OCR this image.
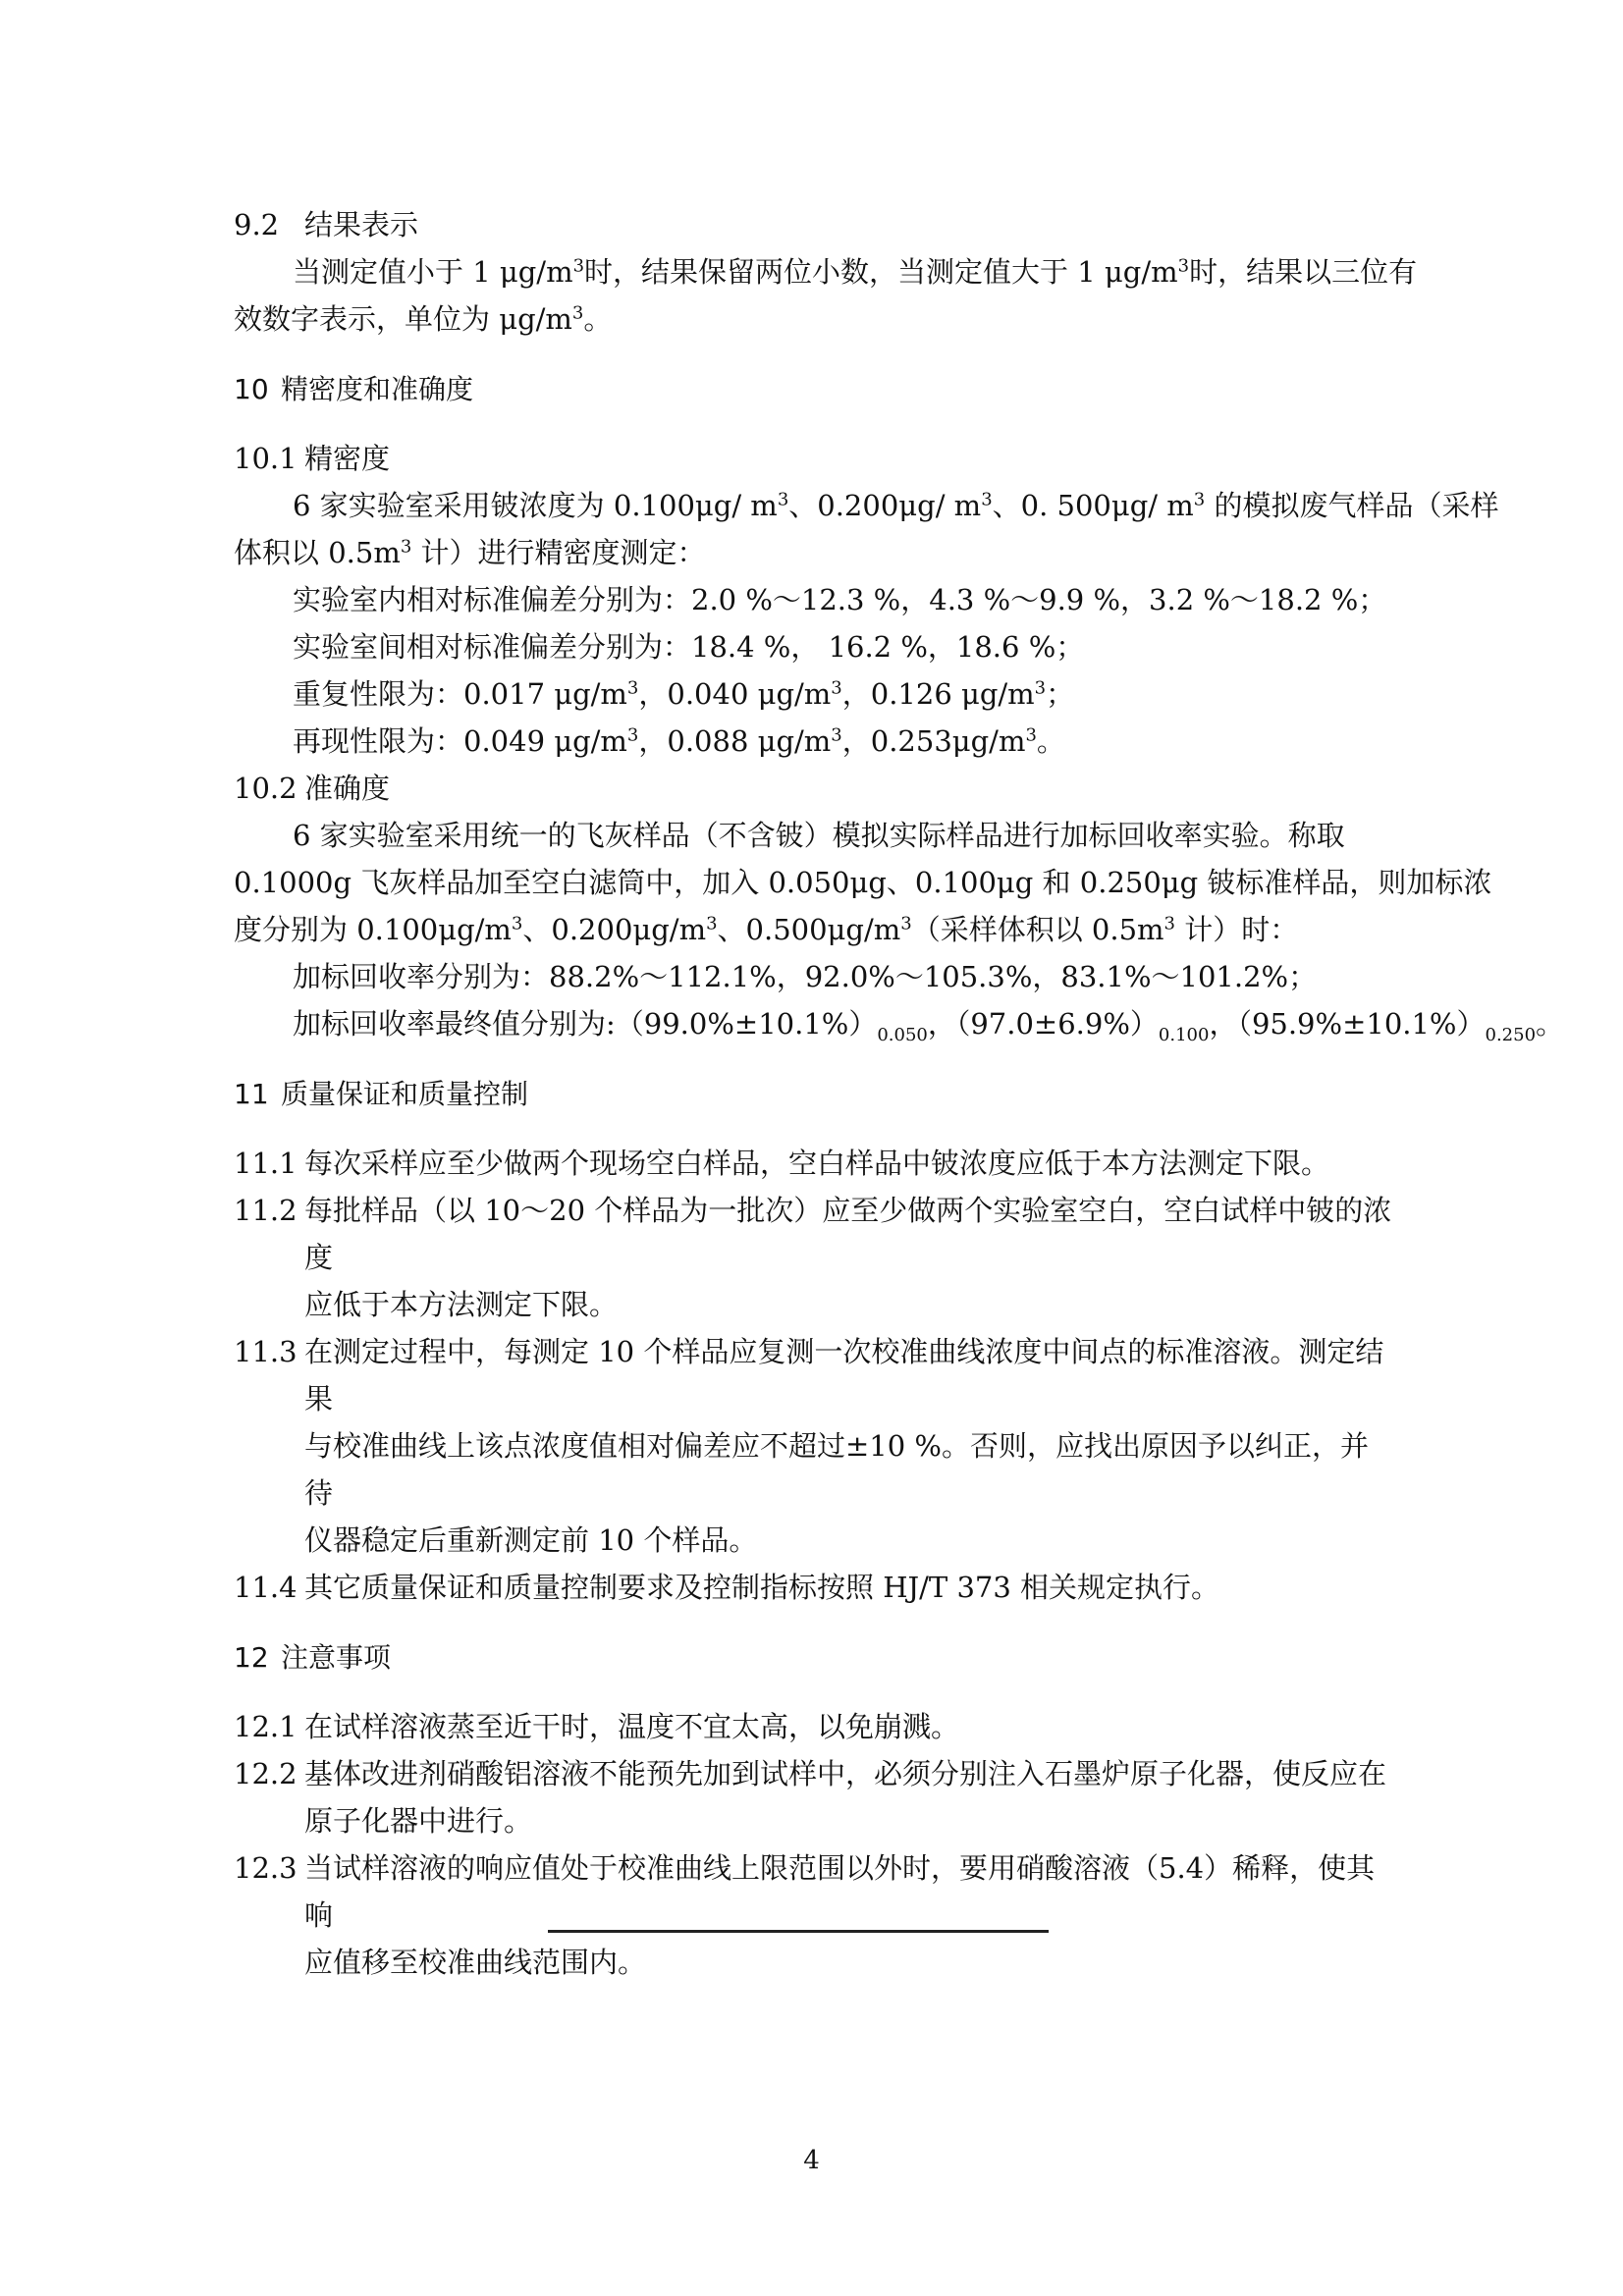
9.2 结果表示
当测定值小于 1 $\mu g/m^3$时，结果保留两位小数，当测定值大于 1 $\mu g/m^3$时，结果以三位有
效数字表示，单位为 $\mu g/m^3$。
10 精密度和准确度
10.1 精密度
6 家实验室采用铍浓度为 0.100μg/ $m^3$、0.200μg/ $m^3$、0. 500μg/ $m^3$ 的模拟废气样品（采样
体积以 $0.5m^3$ 计）进行精密度测定：
实验室内相对标准偏差分别为：2.0 %～12.3 %，4.3 %～9.9 %，3.2 %～18.2 %；
实验室间相对标准偏差分别为：18.4 %， 16.2 %，18.6 %；
重复性限为：0.017 $\mu g/m^3$，0.040 $\mu g/m^3$，0.126 $\mu g/m^3$；
再现性限为：0.049 $\mu g/m^3$，0.088 $\mu g/m^3$，$0.253\mu g/m^3$。
10.2 准确度
6 家实验室采用统一的飞灰样品（不含铍）模拟实际样品进行加标回收率实验。称取
0.1000g 飞灰样品加至空白滤筒中，加入 0.050μg、0.100μg 和 0.250μg 铍标准样品，则加标浓
度分别为 $0.100\mu g/m^3$、$0.200\mu g/m^3$、$0.500\mu g/m^3$（采样体积以 $0.5m^3$ 计）时：
加标回收率分别为：88.2%～112.1%，92.0%～105.3%，83.1%～101.2%；
加标回收率最终值分别为$:(99.0\%\pm 10.1\%)_{0.050}$，$(97.0\pm 6.9\%)_{0.100}$，$(95.9\%\pm 10.1\%)_{0.250}$。
11 质量保证和质量控制
11.1 每次采样应至少做两个现场空白样品，空白样品中铍浓度应低于本方法测定下限。
11.2 每批样品（以 10～20 个样品为一批次）应至少做两个实验室空白，空白试样中铍的浓度
应低于本方法测定下限。
11.3 在测定过程中，每测定 10 个样品应复测一次校准曲线浓度中间点的标准溶液。测定结果
与校准曲线上该点浓度值相对偏差应不超过±10 %。否则，应找出原因予以纠正，并待
仪器稳定后重新测定前 10 个样品。
11.4 其它质量保证和质量控制要求及控制指标按照 HJ/T 373 相关规定执行。
12 注意事项
12.1 在试样溶液蒸至近干时，温度不宜太高，以免崩溅。
12.2 基体改进剂硝酸铝溶液不能预先加到试样中，必须分别注入石墨炉原子化器，使反应在
原子化器中进行。
12.3 当试样溶液的响应值处于校准曲线上限范围以外时，要用硝酸溶液（5.4）稀释，使其响
应值移至校准曲线范围内。
4
